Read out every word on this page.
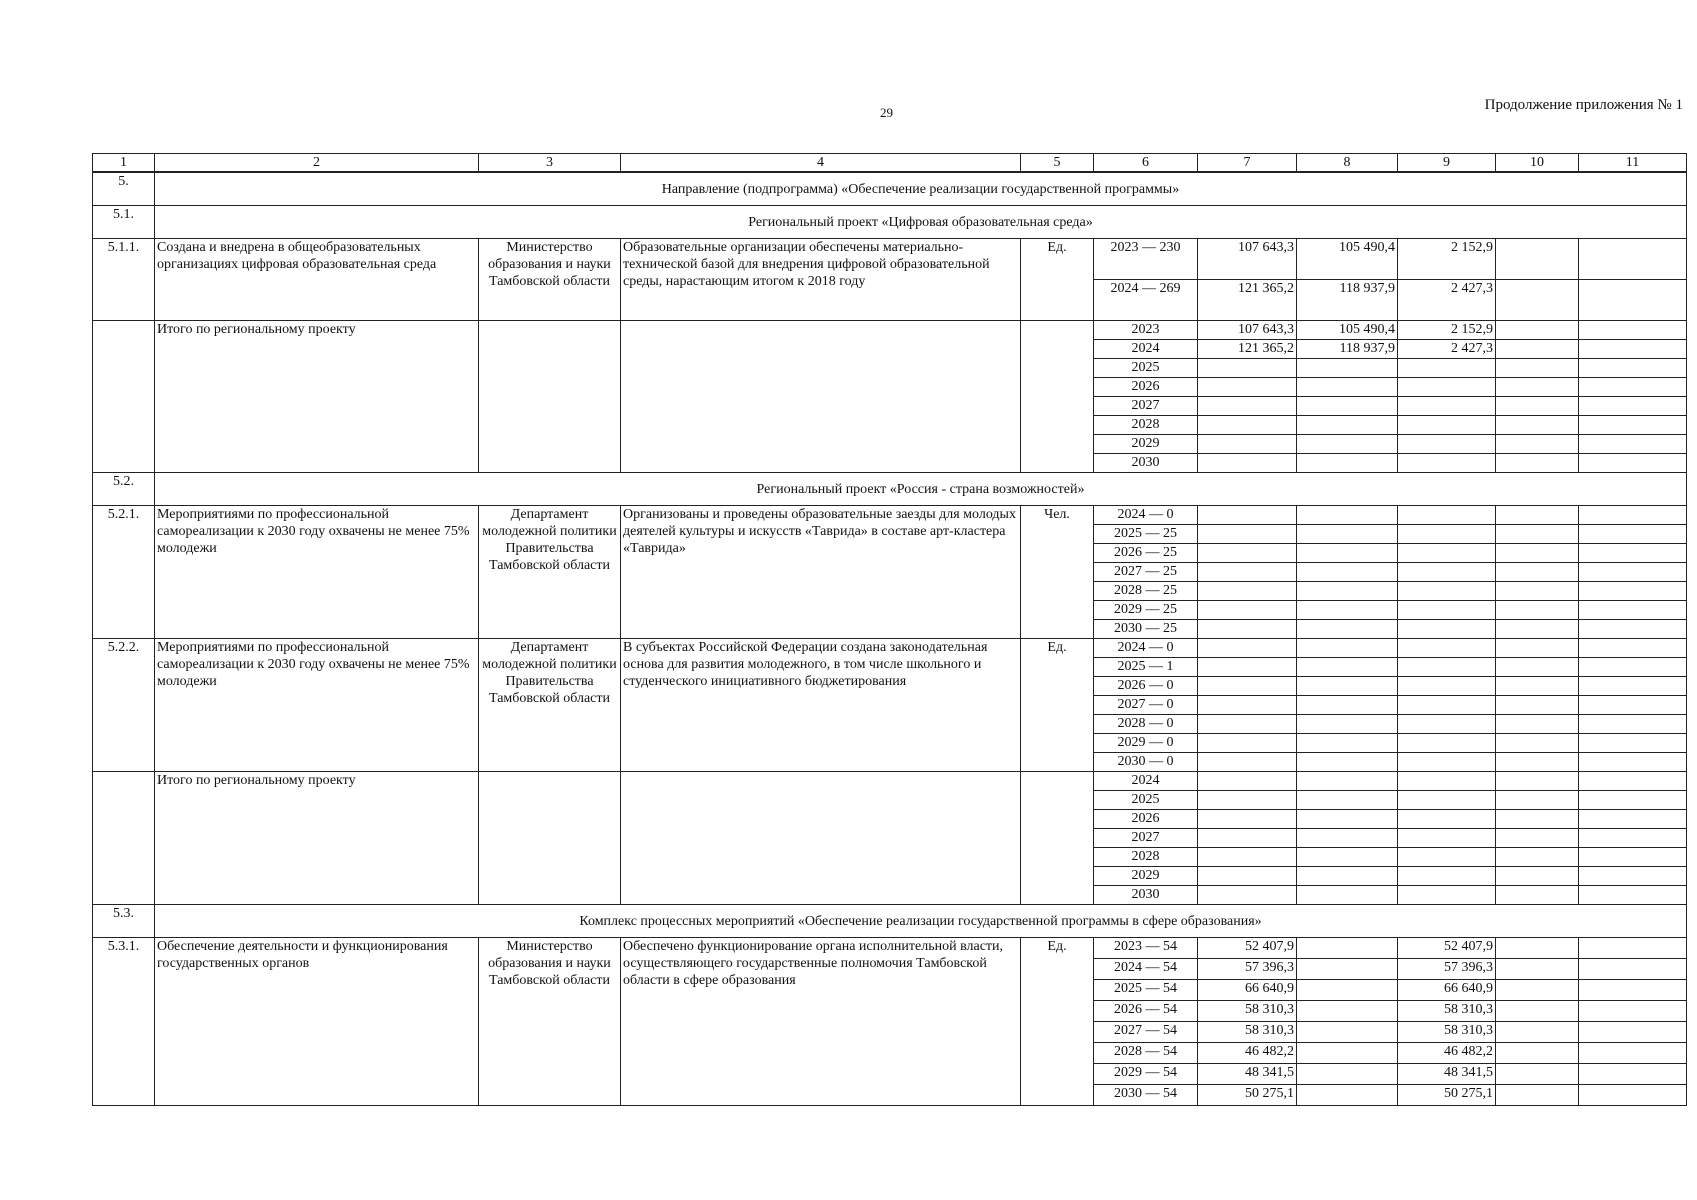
29	Продолжение приложения № 1
1	2	3	4	5	6	7	8	9	10	11
5.	Направление (подпрограмма) «Обеспечение реализации государственной программы»									
5.1.	Региональный проект «Цифровая образовательная среда»									
5.1.1.	Создана и внедрена в общеобразовательных организациях цифровая образовательная среда	Министерство образования и науки Тамбовской области	Образовательные организации обеспечены материально-технической базой для внедрения цифровой образовательной среды, нарастающим итогом к 2018 году	Ед.	2023 — 230	107 643,3	105 490,4	2 152,9		
					2024 — 269	121 365,2	118 937,9	2 427,3		
	Итого по региональному проекту				2023	107 643,3	105 490,4	2 152,9		
					2024	121 365,2	118 937,9	2 427,3		
					2025					
					2026					
					2027					
					2028					
					2029					
					2030					
5.2.	Региональный проект «Россия - страна возможностей»									
5.2.1.	Мероприятиями по профессиональной самореализации к 2030 году охвачены не менее 75% молодежи	Департамент молодежной политики Правительства Тамбовской области	Организованы и проведены образовательные заезды для молодых деятелей культуры и искусств «Таврида» в составе арт-кластера «Таврида»	Чел.	2024 — 0					
					2025 — 25					
					2026 — 25					
					2027 — 25					
					2028 — 25					
					2029 — 25					
					2030 — 25					
5.2.2.	Мероприятиями по профессиональной самореализации к 2030 году охвачены не менее 75% молодежи	Департамент молодежной политики Правительства Тамбовской области	В субъектах Российской Федерации создана законодательная основа для развития молодежного, в том числе школьного и студенческого инициативного бюджетирования	Ед.	2024 — 0					
					2025 — 1					
					2026 — 0					
					2027 — 0					
					2028 — 0					
					2029 — 0					
					2030 — 0					
	Итого по региональному проекту				2024					
					2025					
					2026					
					2027					
					2028					
					2029					
					2030					
5.3.	Комплекс процессных мероприятий «Обеспечение реализации государственной программы в сфере образования»									
5.3.1.	Обеспечение деятельности и функционирования государственных органов	Министерство образования и науки Тамбовской области	Обеспечено функционирование органа исполнительной власти, осуществляющего государственные полномочия Тамбовской области в сфере образования	Ед.	2023 — 54	52 407,9		52 407,9		
					2024 — 54	57 396,3		57 396,3		
					2025 — 54	66 640,9		66 640,9		
					2026 — 54	58 310,3		58 310,3		
					2027 — 54	58 310,3		58 310,3		
					2028 — 54	46 482,2		46 482,2		
					2029 — 54	48 341,5		48 341,5		
					2030 — 54	50 275,1		50 275,1		
